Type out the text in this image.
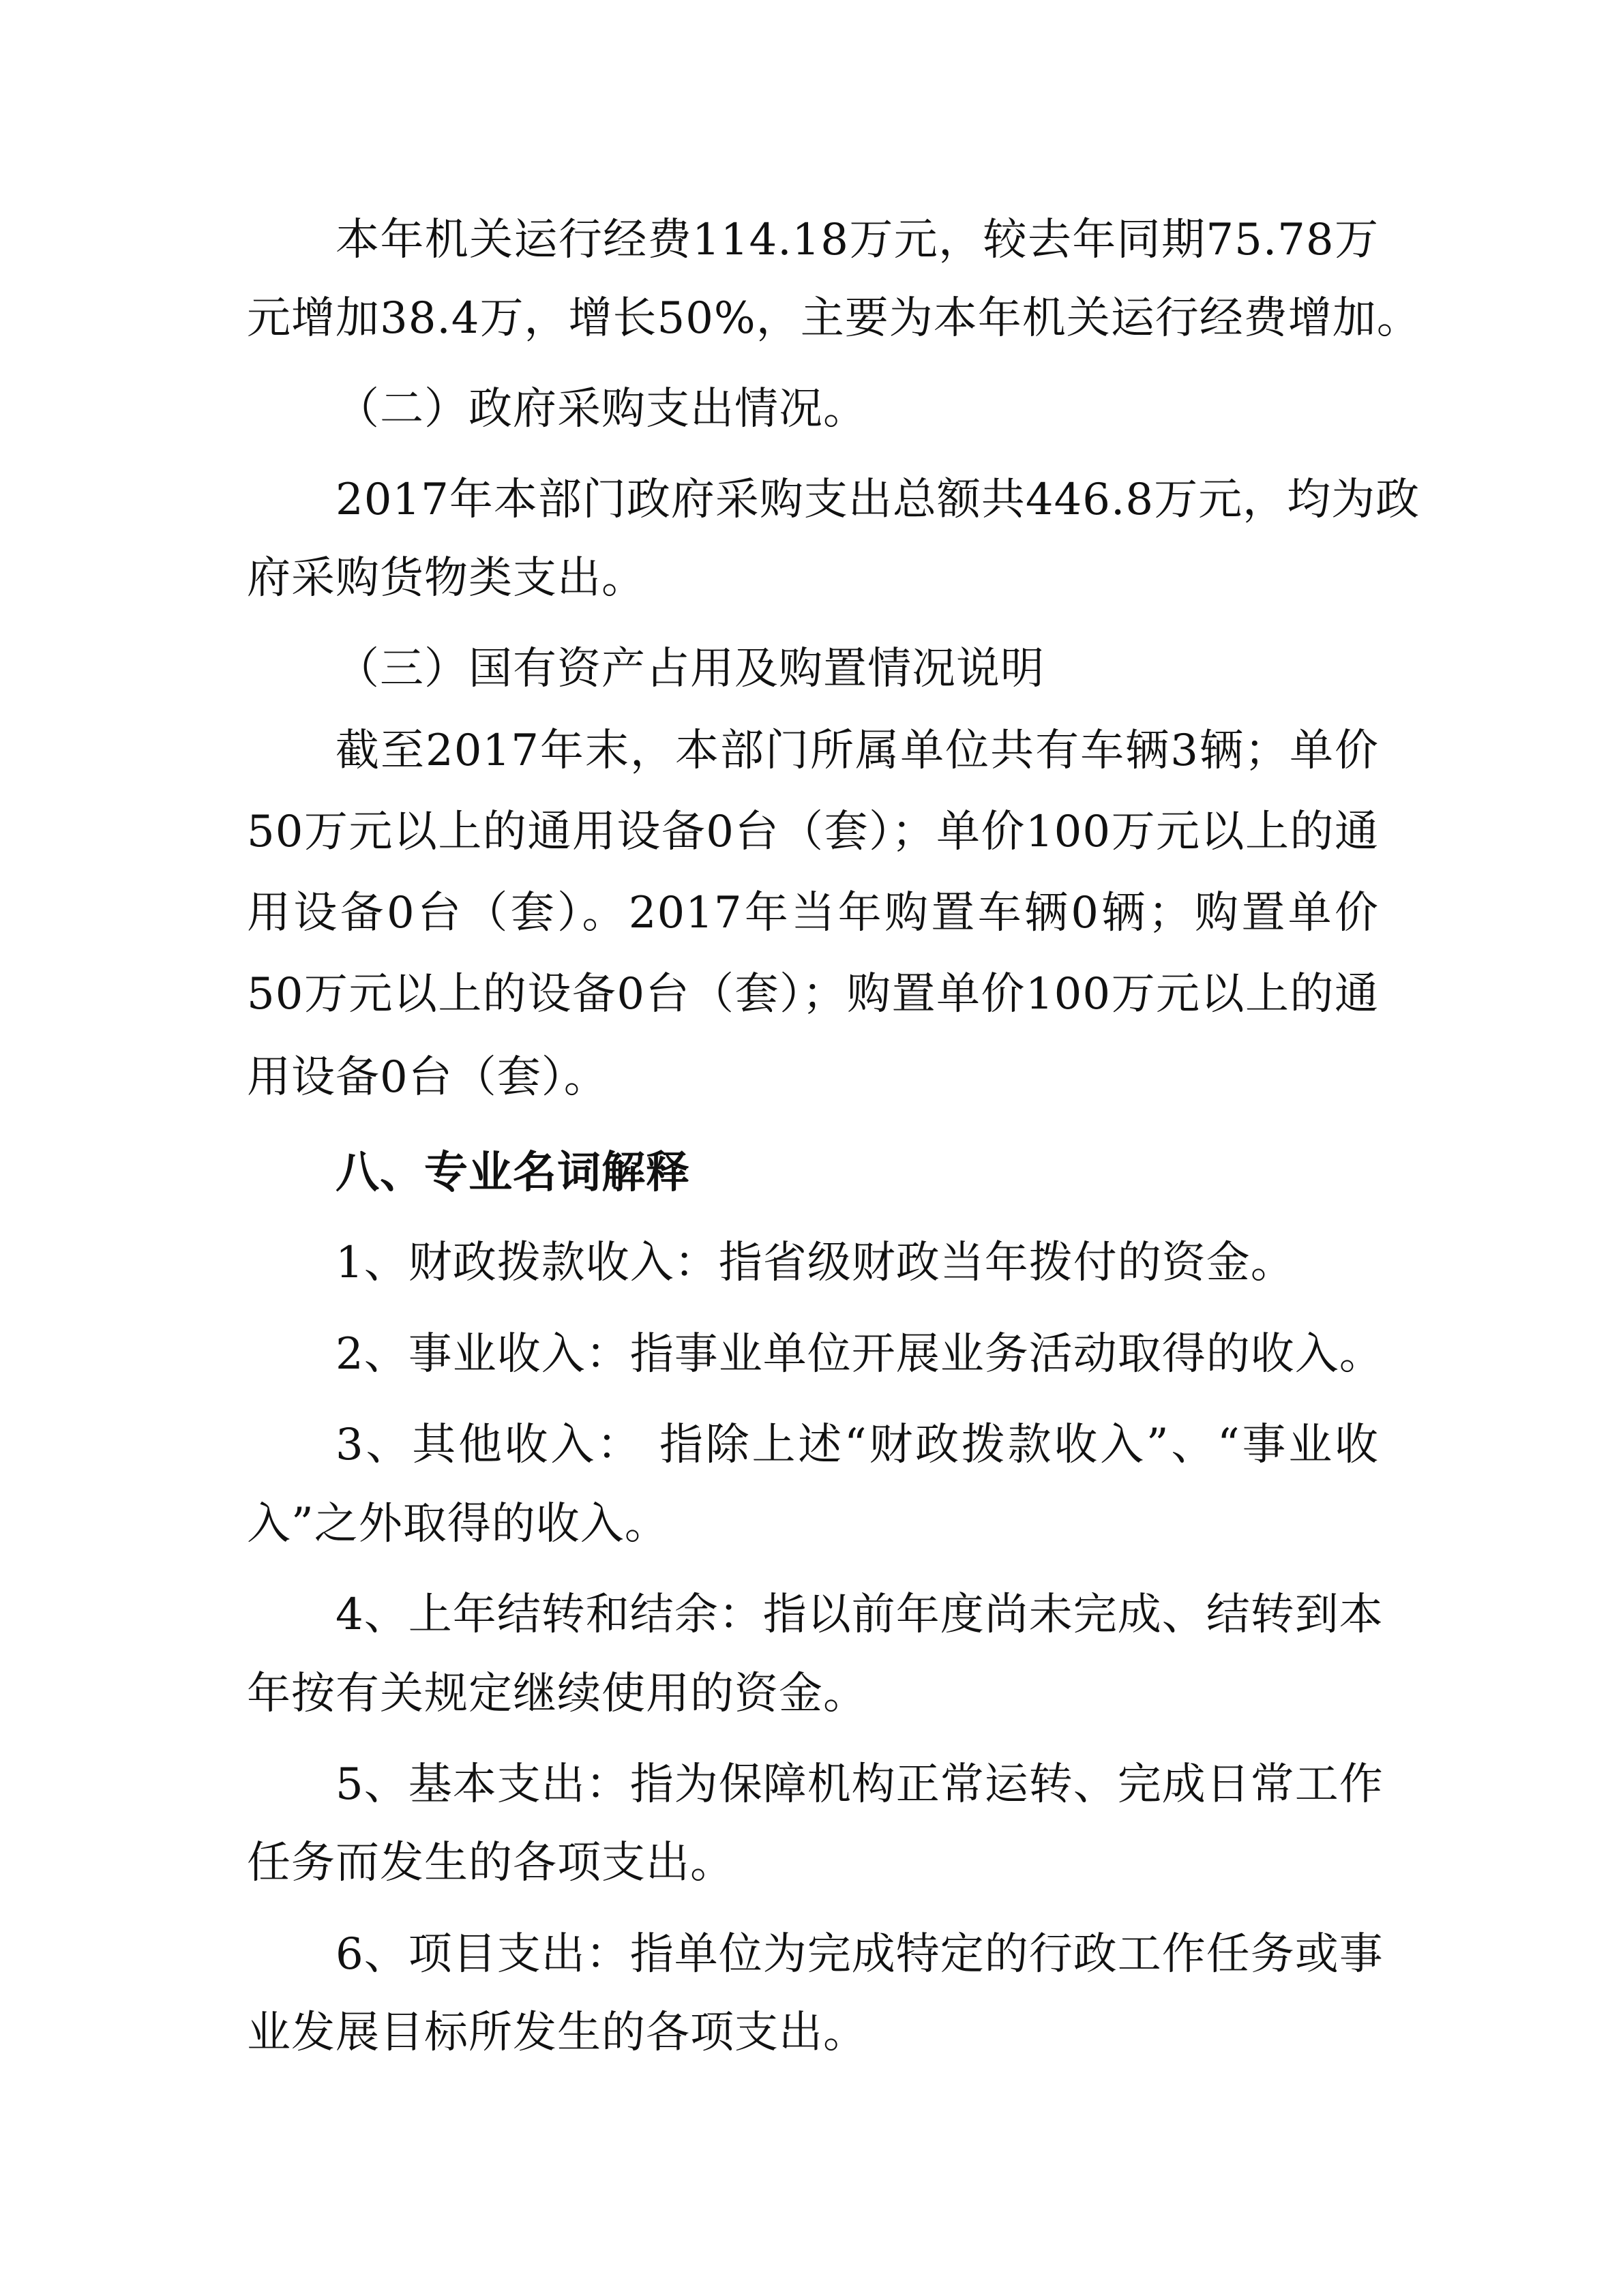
本年机关运行经费114.18万元，较去年同期75.78万
元增加38.4万，增长50%，主要为本年机关运行经费增加。
（二）政府采购支出情况。
2017年本部门政府采购支出总额共446.8万元，均为政
府采购货物类支出。
（三）国有资产占用及购置情况说明
截至2017年末，本部门所属单位共有车辆3辆；单价
50万元以上的通用设备0台（套）；单价100万元以上的通
用设备0台（套）。2017年当年购置车辆0辆；购置单价
50万元以上的设备0台（套）；购置单价100万元以上的通
用设备0台（套）。
八、专业名词解释
1、财政拨款收入：指省级财政当年拨付的资金。
2、事业收入：指事业单位开展业务活动取得的收入。
3、其他收入： 指除上述“财政拨款收入”、“事业收
入”之外取得的收入。
4、上年结转和结余：指以前年度尚未完成、结转到本
年按有关规定继续使用的资金。
5、基本支出：指为保障机构正常运转、完成日常工作
任务而发生的各项支出。
6、项目支出：指单位为完成特定的行政工作任务或事
业发展目标所发生的各项支出。
